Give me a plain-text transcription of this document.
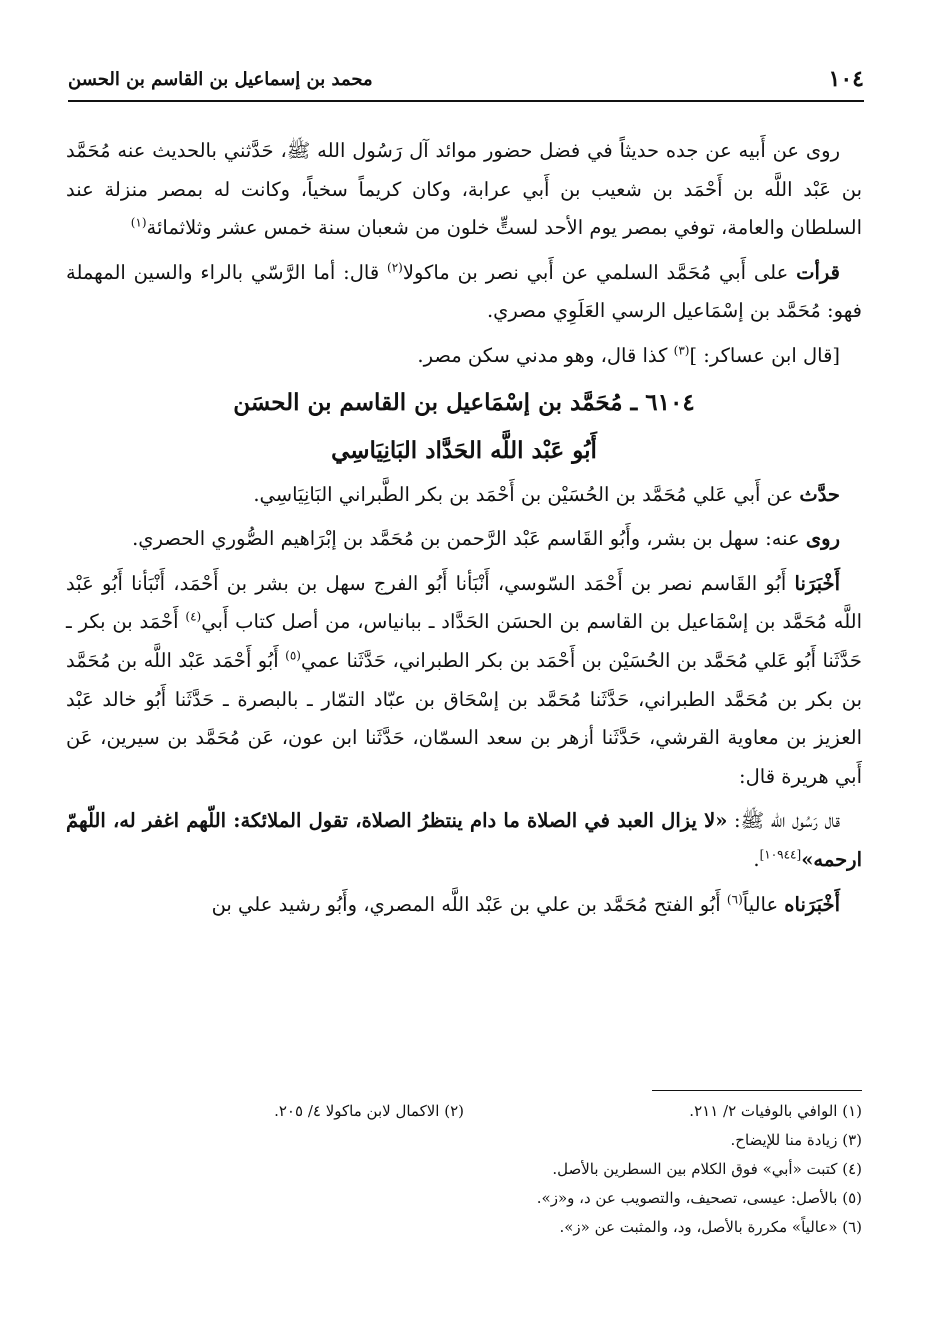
١٠٤
محمد بن إسماعيل بن القاسم بن الحسن

روى عن أَبيه عن جده حديثاً في فضل حضور موائد آل رَسُول الله ﷺ، حَدَّثني بالحديث عنه مُحَمَّد بن عَبْد اللَّه بن أَحْمَد بن شعيب بن أَبي عرابة، وكان كريماً سخياً، وكانت له بمصر منزلة عند السلطان والعامة، توفي بمصر يوم الأحد لستٍّ خلون من شعبان سنة خمس عشر وثلاثمائة$^{(١)}$

قرأت على أَبي مُحَمَّد السلمي عن أَبي نصر بن ماكولا$^{(٢)}$ قال: أما الرَّسّي بالراء والسين المهملة فهو: مُحَمَّد بن إسْمَاعيل الرسي العَلَوِي مصري.

[قال ابن عساكر: ]$^{(٣)}$ كذا قال، وهو مدني سكن مصر.

٦١٠٤ ـ مُحَمَّد بن إسْمَاعيل بن القاسم بن الحسَن
أَبُو عَبْد اللَّه الحَدَّاد البَانِيَاسِي

حدَّث عن أَبي عَلي مُحَمَّد بن الحُسَيْن بن أَحْمَد بن بكر الطَّبراني البَانِيَاسِي.

روى عنه: سهل بن بشر، وأَبُو القَاسم عَبْد الرَّحمن بن مُحَمَّد بن إبْرَاهيم الصُّوري الحصري.

أَخْبَرَنا أَبُو القَاسم نصر بن أَحْمَد السّوسي، أَنْبَأنا أَبُو الفرج سهل بن بشر بن أَحْمَد، أَنْبَأنا أَبُو عَبْد اللَّه مُحَمَّد بن إسْمَاعيل بن القاسم بن الحسَن الحَدَّاد ـ ببانياس، من أصل كتاب أَبي$^{(٤)}$ أَحْمَد بن بكر ـ حَدَّثَنا أَبُو عَلي مُحَمَّد بن الحُسَيْن بن أَحْمَد بن بكر الطبراني، حَدَّثَنا عمي$^{(٥)}$ أَبُو أَحْمَد عَبْد اللَّه بن مُحَمَّد بن بكر بن مُحَمَّد الطبراني، حَدَّثَنا مُحَمَّد بن إسْحَاق بن عبّاد التمّار ـ بالبصرة ـ حَدَّثَنا أَبُو خالد عَبْد العزيز بن معاوية القرشي، حَدَّثَنا أزهر بن سعد السمّان، حَدَّثَنا ابن عون، عَن مُحَمَّد بن سيرين، عَن أَبي هريرة قال:

قال رَسُول الله ﷺ: «لا يزال العبد في الصلاة ما دام ينتظرُ الصلاة، تقول الملائكة: اللّهم اغفر له، اللّهمّ ارحمه»[١٠٩٤٤].

أَخْبَرَناه عالياً$^{(٦)}$ أَبُو الفتح مُحَمَّد بن علي بن عَبْد اللَّه المصري، وأَبُو رشيد علي بن

(١) الوافي بالوفيات ٢/ ٢١١.

(٢) الاكمال لابن ماكولا ٤/ ٢٠٥.

(٣) زيادة منا للإيضاح.

(٤) كتبت «أبي» فوق الكلام بين السطرين بالأصل.

(٥) بالأصل: عيسى، تصحيف، والتصويب عن د، و«ز».

(٦) «عالياً» مكررة بالأصل، ود، والمثبت عن «ز».
